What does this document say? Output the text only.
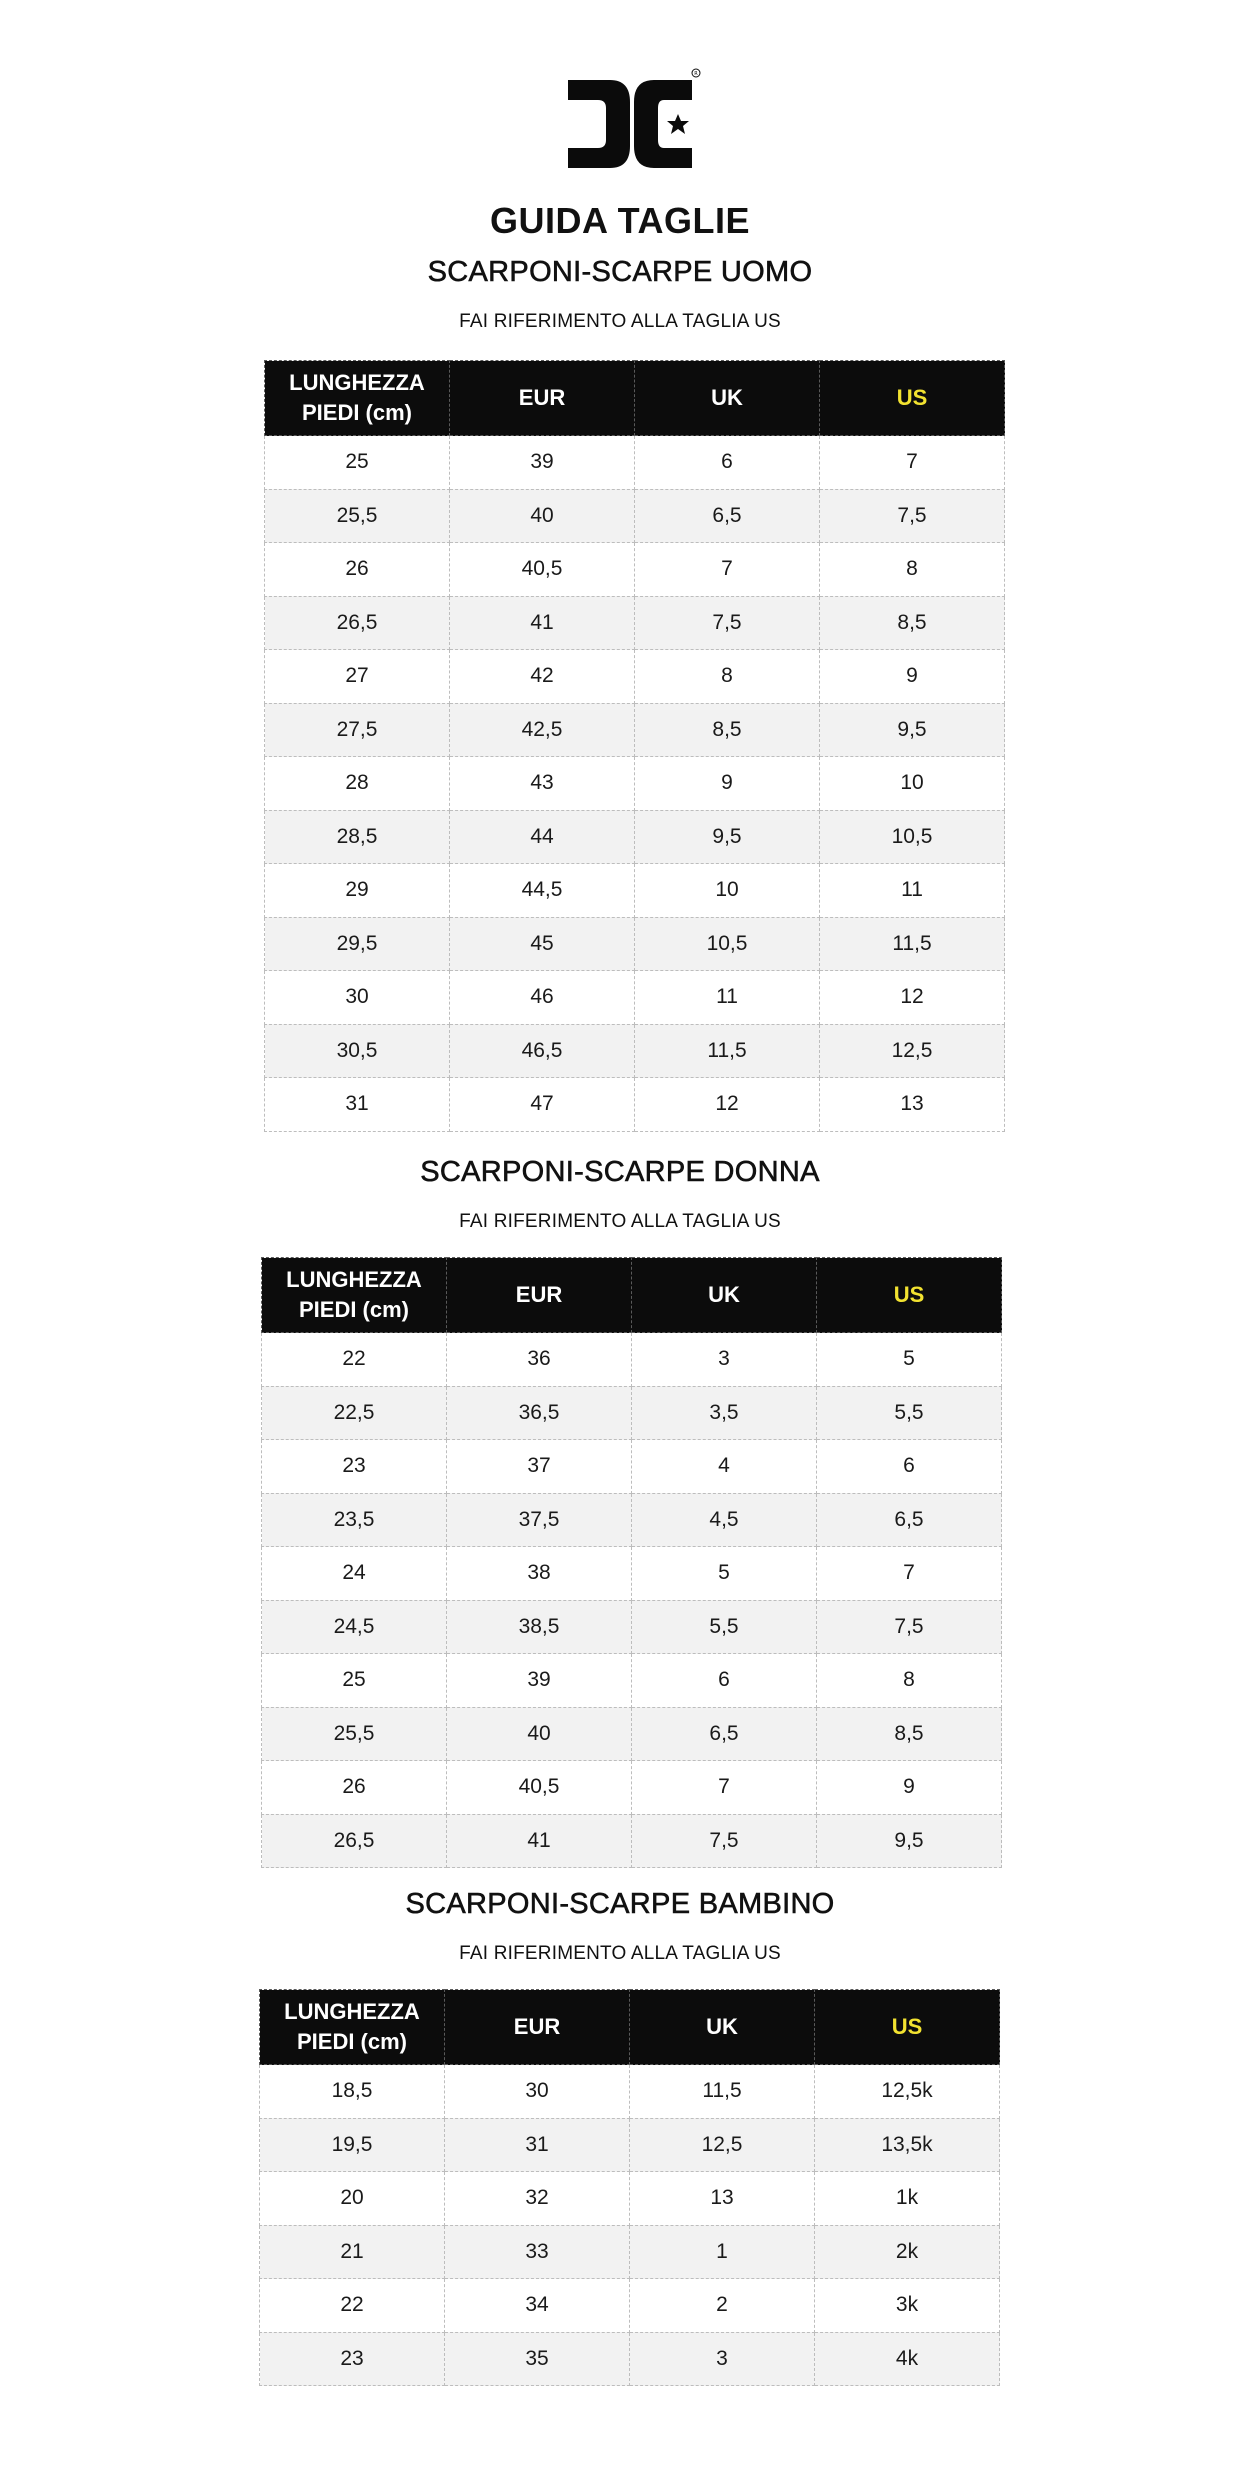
R
GUIDA TAGLIE
SCARPONI-SCARPE UOMO
FAI RIFERIMENTO ALLA TAGLIA US
LUNGHEZZA
PIEDI (cm)	EUR	UK	US
25	39	6	7
25,5	40	6,5	7,5
26	40,5	7	8
26,5	41	7,5	8,5
27	42	8	9
27,5	42,5	8,5	9,5
28	43	9	10
28,5	44	9,5	10,5
29	44,5	10	11
29,5	45	10,5	11,5
30	46	11	12
30,5	46,5	11,5	12,5
31	47	12	13
SCARPONI-SCARPE DONNA
FAI RIFERIMENTO ALLA TAGLIA US
LUNGHEZZA
PIEDI (cm)	EUR	UK	US
22	36	3	5
22,5	36,5	3,5	5,5
23	37	4	6
23,5	37,5	4,5	6,5
24	38	5	7
24,5	38,5	5,5	7,5
25	39	6	8
25,5	40	6,5	8,5
26	40,5	7	9
26,5	41	7,5	9,5
SCARPONI-SCARPE BAMBINO
FAI RIFERIMENTO ALLA TAGLIA US
LUNGHEZZA
PIEDI (cm)	EUR	UK	US
18,5	30	11,5	12,5k
19,5	31	12,5	13,5k
20	32	13	1k
21	33	1	2k
22	34	2	3k
23	35	3	4k
